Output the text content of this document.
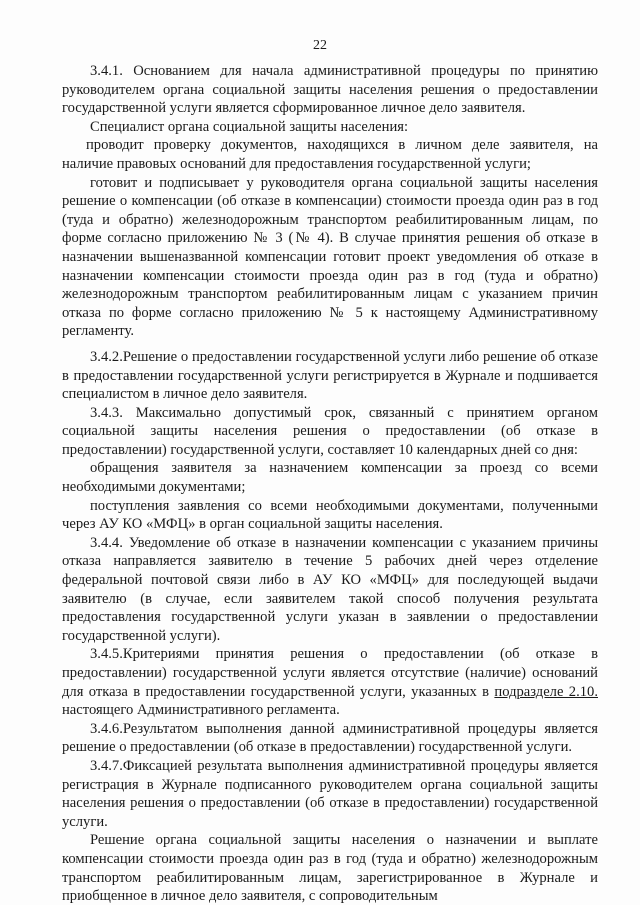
22

3.4.1. Основанием для начала административной процедуры по принятию руководителем органа социальной защиты населения решения о предоставлении государственной услуги является сформированное личное дело заявителя.

Специалист органа социальной защиты населения:

проводит проверку документов, находящихся в личном деле заявителя, на наличие правовых оснований для предоставления государственной услуги;

готовит и подписывает у руководителя органа социальной защиты населения решение о компенсации (об отказе в компенсации) стоимости проезда один раз в год (туда и обратно) железнодорожным транспортом реабилитированным лицам, по форме согласно приложению № 3 (№ 4). В случае принятия решения об отказе в назначении вышеназванной компенсации готовит проект уведомления об отказе в назначении компенсации стоимости проезда один раз в год (туда и обратно) железнодорожным транспортом реабилитированным лицам с указанием причин отказа по форме согласно приложению № 5 к настоящему Административному регламенту.

3.4.2.Решение о предоставлении государственной услуги либо решение об отказе в предоставлении государственной услуги регистрируется в Журнале и подшивается специалистом в личное дело заявителя.

3.4.3. Максимально допустимый срок, связанный с принятием органом социальной защиты населения решения о предоставлении (об отказе в предоставлении) государственной услуги, составляет 10 календарных дней со дня:

обращения заявителя за назначением компенсации за проезд со всеми необходимыми документами;

поступления заявления со всеми необходимыми документами, полученными через АУ КО «МФЦ» в орган социальной защиты населения.

3.4.4. Уведомление об отказе в назначении компенсации с указанием причины отказа направляется заявителю в течение 5 рабочих дней через отделение федеральной почтовой связи либо в АУ КО «МФЦ» для последующей выдачи заявителю (в случае, если заявителем такой способ получения результата предоставления государственной услуги указан в заявлении о предоставлении государственной услуги).

3.4.5.Критериями принятия решения о предоставлении (об отказе в предоставлении) государственной услуги является отсутствие (наличие) оснований для отказа в предоставлении государственной услуги, указанных в подразделе 2.10. настоящего Административного регламента.

3.4.6.Результатом выполнения данной административной процедуры является решение о предоставлении (об отказе в предоставлении) государственной услуги.

3.4.7.Фиксацией результата выполнения административной процедуры является регистрация в Журнале подписанного руководителем органа социальной защиты населения решения о предоставлении (об отказе в предоставлении) государственной услуги.

Решение органа социальной защиты населения о назначении и выплате компенсации стоимости проезда один раз в год (туда и обратно) железнодорожным транспортом реабилитированным лицам, зарегистрированное в Журнале и приобщенное в личное дело заявителя, с сопроводительным
